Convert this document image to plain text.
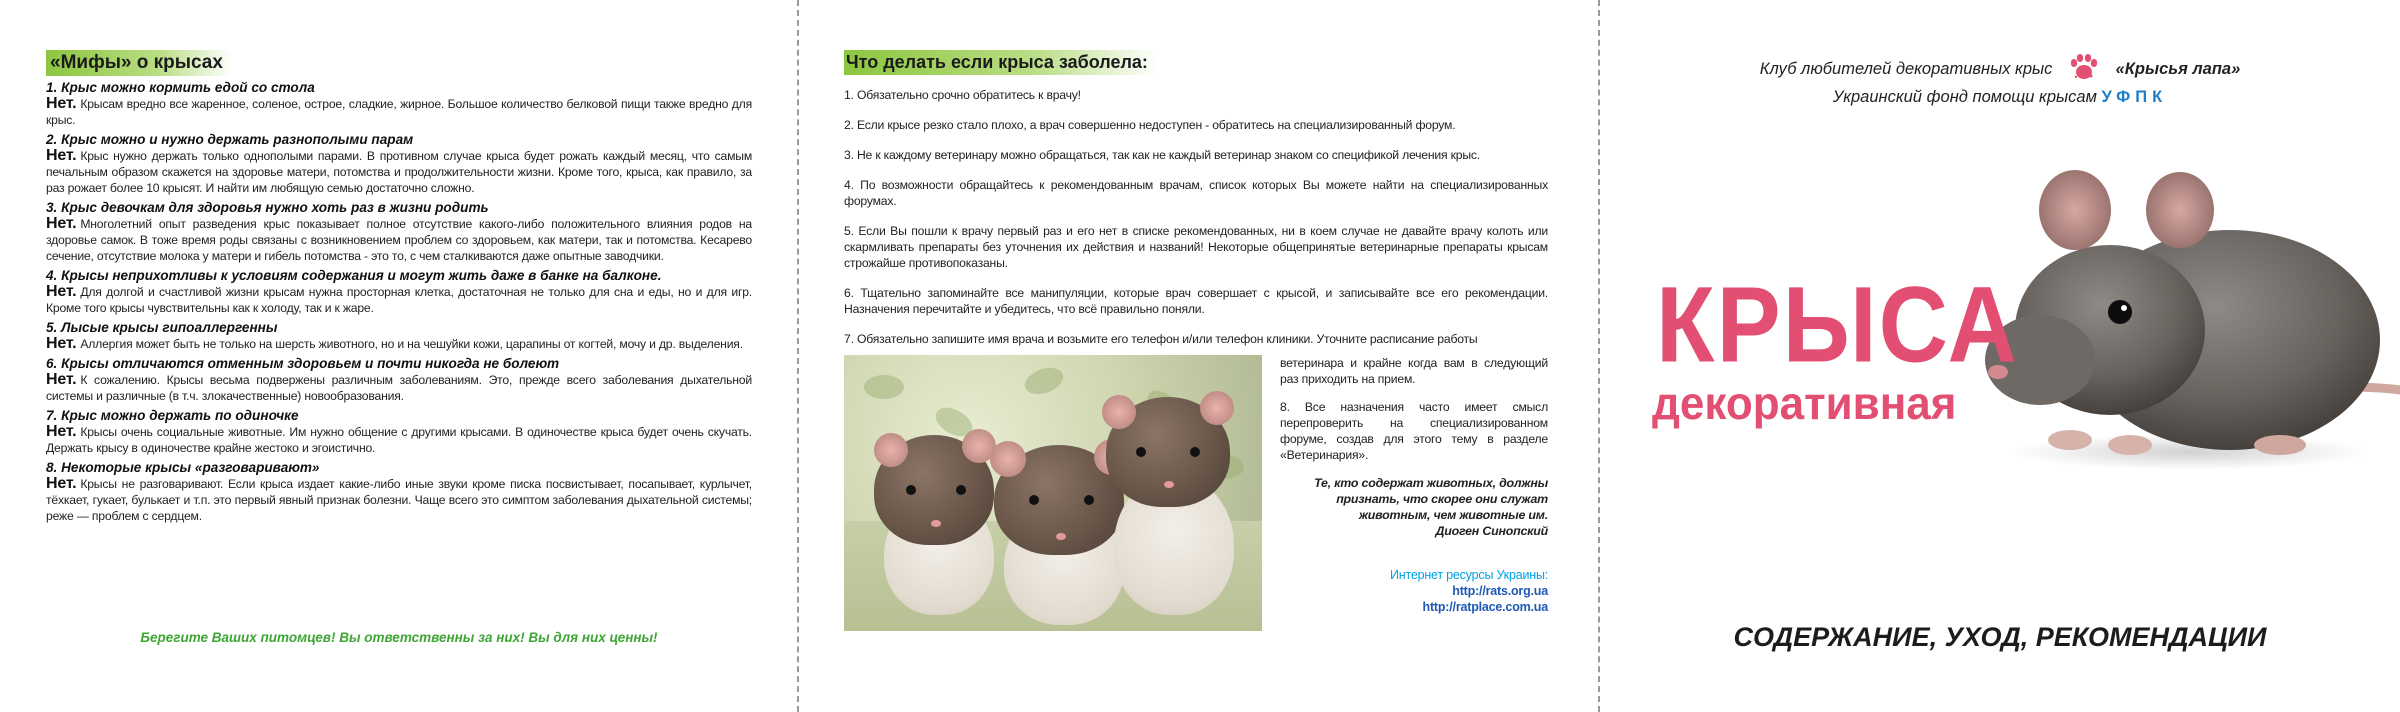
«Мифы» о крысах
1. Крыс можно кормить едой со стола
Нет. Крысам вредно все жаренное, соленое, острое, сладкие, жирное. Большое количество белковой пищи также вредно для крыс.
2. Крыс можно и нужно держать разнополыми парам
Нет. Крыс нужно держать только однополыми парами. В противном случае крыса будет рожать каждый месяц, что самым печальным образом скажется на здоровье матери, потомства и продолжительности жизни. Кроме того, крыса, как правило, за раз рожает более 10 крысят. И найти им любящую семью достаточно сложно.
3. Крыс девочкам для здоровья нужно хоть раз в жизни родить
Нет. Многолетний опыт разведения крыс показывает полное отсутствие какого-либо положительного влияния родов на здоровье самок. В тоже время роды связаны с возникновением проблем со здоровьем, как матери, так и потомства. Кесарево сечение, отсутствие молока у матери и гибель потомства - это то, с чем сталкиваются даже опытные заводчики.
4. Крысы неприхотливы к условиям содержания и могут жить даже в банке на балконе.
Нет. Для долгой и счастливой жизни крысам нужна просторная клетка, достаточная не только для сна и еды, но и для игр. Кроме того крысы чувствительны как к холоду, так и к жаре.
5. Лысые крысы гипоаллергенны
Нет. Аллергия может быть не только на шерсть животного, но и на чешуйки кожи, царапины от когтей, мочу и др. выделения.
6. Крысы отличаются отменным здоровьем и почти никогда не болеют
Нет. К сожалению. Крысы весьма подвержены различным заболеваниям. Это, прежде всего заболевания дыхательной системы и различные (в т.ч. злокачественные) новообразования.
7. Крыс можно держать по одиночке
Нет. Крысы очень социальные животные. Им нужно общение с другими крысами. В одиночестве крыса будет очень скучать. Держать крысу в одиночестве крайне жестоко и эгоистично.
8. Некоторые крысы «разговаривают»
Нет. Крысы не разговаривают. Если крыса издает какие-либо иные звуки кроме писка посвистывает, посапывает, курлычет, тёхкает, гукает, булькает и т.п. это первый явный признак болезни. Чаще всего это симптом заболевания дыхательной системы; реже — проблем с сердцем.
Берегите Ваших питомцев! Вы ответственны за них! Вы для них ценны!
Что делать если крыса заболела:
1. Обязательно срочно обратитесь к врачу!
2. Если крысе резко стало плохо, а врач совершенно недоступен - обратитесь на специализированный форум.
3. Не к каждому ветеринару можно обращаться, так как не каждый ветеринар знаком со спецификой лечения крыс.
4. По возможности обращайтесь к рекомендованным врачам, список которых Вы можете найти на специализированных форумах.
5. Если Вы пошли к врачу первый раз и его нет в списке рекомендованных, ни в коем случае не давайте врачу колоть или скармливать препараты без уточнения их действия и названий! Некоторые общепринятые ветеринарные препараты крысам строжайше противопоказаны.
6. Тщательно запоминайте все манипуляции, которые врач совершает с крысой, и записывайте все его рекомендации. Назначения перечитайте и убедитесь, что всё правильно поняли.
7. Обязательно запишите имя врача и возьмите его телефон и/или телефон клиники. Уточните расписание работы

ветеринара и крайне когда вам в следующий раз приходить на прием.

8. Все назначения часто имеет смысл перепроверить на специализированном форуме, создав для этого тему в разделе «Ветеринария».

Те, кто содержат животных, должны признать, что скорее они служат животным, чем животные им.
Диоген Синопский
Интернет ресурсы Украины:
http://rats.org.ua
http://ratplace.com.ua
Клуб любителей декоративных крыс	«Крысья лапа»
Украинский фонд помощи крысам УФПК
КРЫСА
декоративная
СОДЕРЖАНИЕ, УХОД, РЕКОМЕНДАЦИИ
